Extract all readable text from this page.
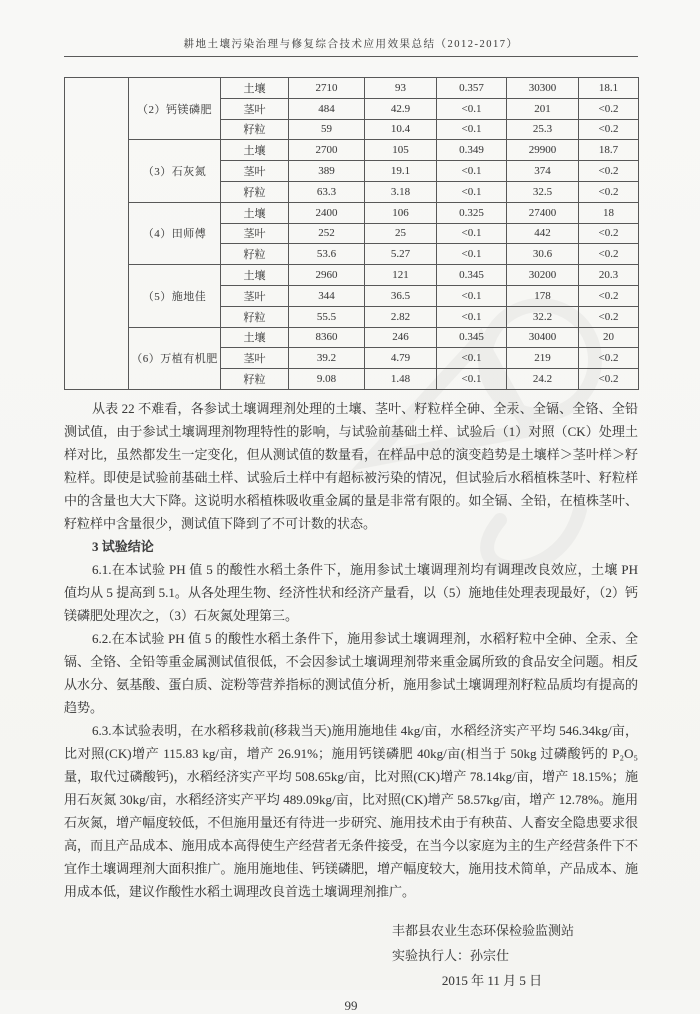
耕地土壤污染治理与修复综合技术应用效果总结（2012-2017）
	（2）钙镁磷肥	土壤	2710	93	0.357	30300	18.1
		茎叶	484	42.9	<0.1	201	<0.2
		籽粒	59	10.4	<0.1	25.3	<0.2
	（3）石灰氮	土壤	2700	105	0.349	29900	18.7
		茎叶	389	19.1	<0.1	374	<0.2
		籽粒	63.3	3.18	<0.1	32.5	<0.2
	（4）田师傅	土壤	2400	106	0.325	27400	18
		茎叶	252	25	<0.1	442	<0.2
		籽粒	53.6	5.27	<0.1	30.6	<0.2
	（5）施地佳	土壤	2960	121	0.345	30200	20.3
		茎叶	344	36.5	<0.1	178	<0.2
		籽粒	55.5	2.82	<0.1	32.2	<0.2
	（6）万植有机肥	土壤	8360	246	0.345	30400	20
		茎叶	39.2	4.79	<0.1	219	<0.2
		籽粒	9.08	1.48	<0.1	24.2	<0.2

从表 22 不难看，各参试土壤调理剂处理的土壤、茎叶、籽粒样全砷、全汞、全镉、全铬、全铅测试值，由于参试土壤调理剂物理特性的影响，与试验前基础土样、试验后（1）对照（CK）处理土样对比，虽然都发生一定变化，但从测试值的数量看，在样品中总的演变趋势是土壤样＞茎叶样＞籽粒样。即使是试验前基础土样、试验后土样中有超标被污染的情况，但试验后水稻植株茎叶、籽粒样中的含量也大大下降。这说明水稻植株吸收重金属的量是非常有限的。如全镉、全铅，在植株茎叶、籽粒样中含量很少，测试值下降到了不可计数的状态。

3 试验结论

6.1.在本试验 PH 值 5 的酸性水稻土条件下，施用参试土壤调理剂均有调理改良效应，土壤 PH 值均从 5 提高到 5.1。从各处理生物、经济性状和经济产量看，以（5）施地佳处理表现最好，（2）钙镁磷肥处理次之，（3）石灰氮处理第三。

6.2.在本试验 PH 值 5 的酸性水稻土条件下，施用参试土壤调理剂，水稻籽粒中全砷、全汞、全镉、全铬、全铅等重金属测试值很低，不会因参试土壤调理剂带来重金属所致的食品安全问题。相反从水分、氨基酸、蛋白质、淀粉等营养指标的测试值分析，施用参试土壤调理剂籽粒品质均有提高的趋势。

6.3.本试验表明，在水稻移栽前(移栽当天)施用施地佳 4kg/亩，水稻经济实产平均 546.34kg/亩，比对照(CK)增产 115.83 kg/亩，增产 26.91%；施用钙镁磷肥 40kg/亩(相当于 50kg 过磷酸钙的 P₂O₅ 量，取代过磷酸钙)，水稻经济实产平均 508.65kg/亩，比对照(CK)增产 78.14kg/亩，增产 18.15%；施用石灰氮 30kg/亩，水稻经济实产平均 489.09kg/亩，比对照(CK)增产 58.57kg/亩，增产 12.78%。施用石灰氮，增产幅度较低，不但施用量还有待进一步研究、施用技术由于有秧苗、人畜安全隐患要求很高，而且产品成本、施用成本高得使生产经营者无条件接受，在当今以家庭为主的生产经营条件下不宜作土壤调理剂大面积推广。施用施地佳、钙镁磷肥，增产幅度较大，施用技术简单，产品成本、施用成本低，建议作酸性水稻土调理改良首选土壤调理剂推广。

丰都县农业生态环保检验监测站
实验执行人：孙宗仕
2015 年 11 月 5 日
99
